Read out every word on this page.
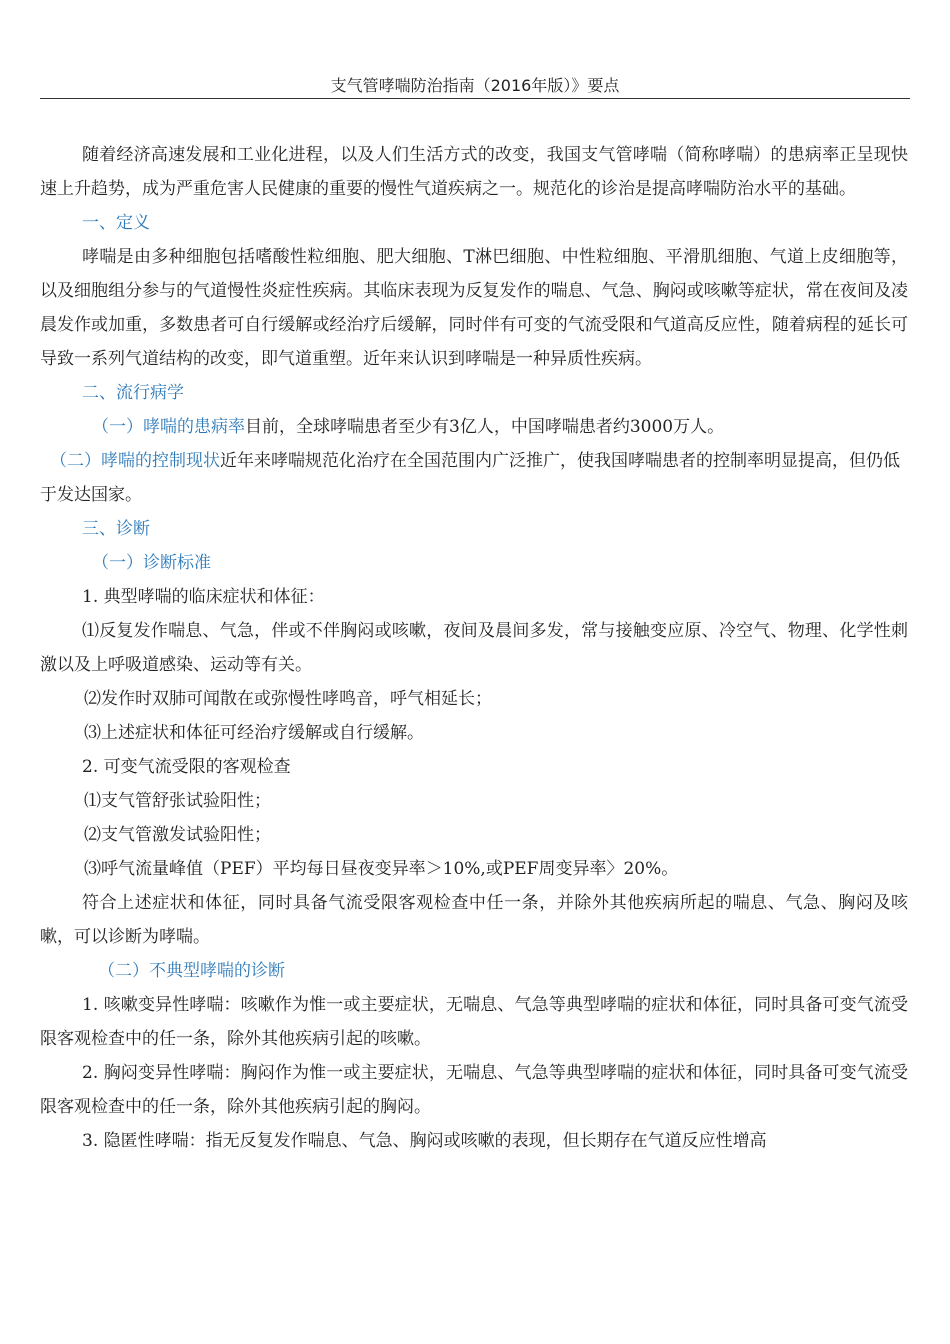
支气管哮喘防治指南（2016年版）》要点

随着经济高速发展和工业化进程，以及人们生活方式的改变，我国支气管哮喘（简称哮喘）的患病率正呈现快速上升趋势，成为严重危害人民健康的重要的慢性气道疾病之一。规范化的诊治是提高哮喘防治水平的基础。

一、定义

哮喘是由多种细胞包括嗜酸性粒细胞、肥大细胞、T淋巴细胞、中性粒细胞、平滑肌细胞、气道上皮细胞等，以及细胞组分参与的气道慢性炎症性疾病。其临床表现为反复发作的喘息、气急、胸闷或咳嗽等症状，常在夜间及凌晨发作或加重，多数患者可自行缓解或经治疗后缓解，同时伴有可变的气流受限和气道高反应性，随着病程的延长可导致一系列气道结构的改变，即气道重塑。近年来认识到哮喘是一种异质性疾病。

二、流行病学

（一）哮喘的患病率目前，全球哮喘患者至少有3亿人，中国哮喘患者约3000万人。

（二）哮喘的控制现状近年来哮喘规范化治疗在全国范围内广泛推广，使我国哮喘患者的控制率明显提高，但仍低

于发达国家。

三、诊断

（一）诊断标准

1. 典型哮喘的临床症状和体征：

⑴反复发作喘息、气急，伴或不伴胸闷或咳嗽，夜间及晨间多发，常与接触变应原、冷空气、物理、化学性刺激以及上呼吸道感染、运动等有关。

⑵发作时双肺可闻散在或弥慢性哮鸣音，呼气相延长；

⑶上述症状和体征可经治疗缓解或自行缓解。

2. 可变气流受限的客观检查

⑴支气管舒张试验阳性；

⑵支气管激发试验阳性；

⑶呼气流量峰值（PEF）平均每日昼夜变异率＞10%,或PEF周变异率〉20%。

符合上述症状和体征，同时具备气流受限客观检查中任一条，并除外其他疾病所起的喘息、气急、胸闷及咳嗽，可以诊断为哮喘。

（二）不典型哮喘的诊断

1. 咳嗽变异性哮喘：咳嗽作为惟一或主要症状，无喘息、气急等典型哮喘的症状和体征，同时具备可变气流受限客观检查中的任一条，除外其他疾病引起的咳嗽。

2. 胸闷变异性哮喘：胸闷作为惟一或主要症状，无喘息、气急等典型哮喘的症状和体征，同时具备可变气流受限客观检查中的任一条，除外其他疾病引起的胸闷。

3. 隐匿性哮喘：指无反复发作喘息、气急、胸闷或咳嗽的表现，但长期存在气道反应性增高
